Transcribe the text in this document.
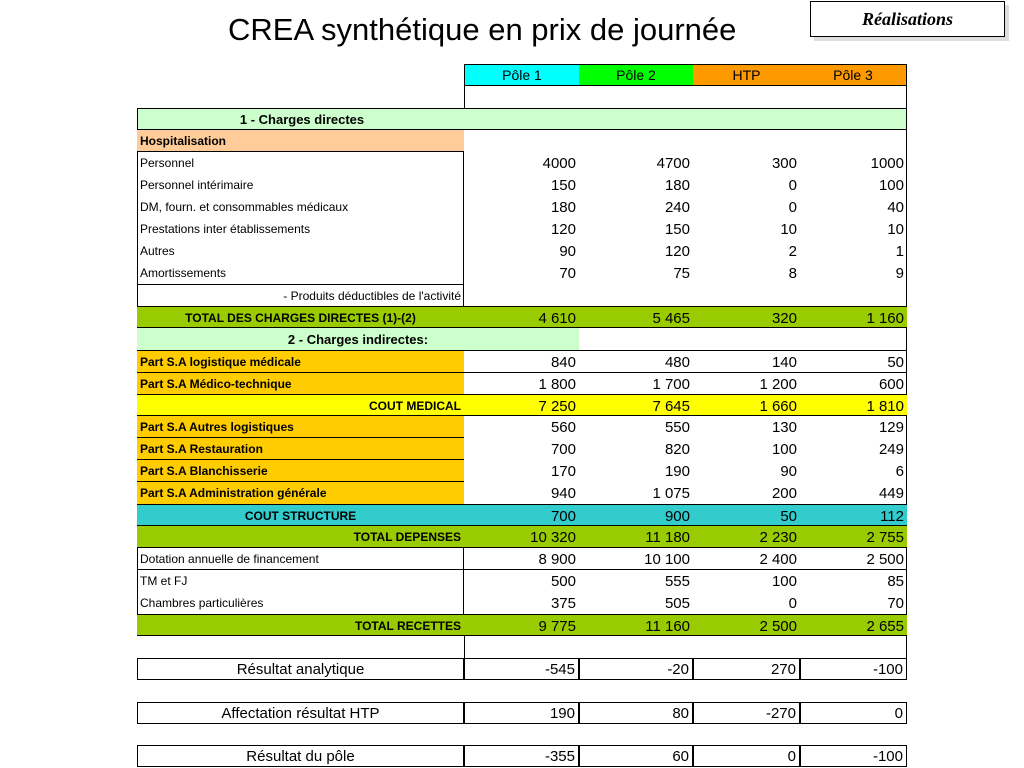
CREA synthétique en prix de journée	Réalisations
Pôle 1	Pôle 2	HTP	Pôle 3
1 - Charges directes
Hospitalisation
Personnel	4000	4700	300	1000
Personnel intérimaire	150	180	0	100
DM, fourn. et consommables médicaux	180	240	0	40
Prestations inter établissements	120	150	10	10
Autres	90	120	2	1
Amortissements	70	75	8	9
- Produits déductibles de l'activité
TOTAL DES CHARGES DIRECTES (1)-(2)	4 610	5 465	320	1 160
2 - Charges indirectes:
Part S.A logistique médicale	840	480	140	50
Part S.A Médico-technique	1 800	1 700	1 200	600
COUT MEDICAL	7 250	7 645	1 660	1 810
Part S.A Autres logistiques	560	550	130	129
Part S.A Restauration	700	820	100	249
Part S.A Blanchisserie	170	190	90	6
Part S.A Administration générale	940	1 075	200	449
COUT STRUCTURE	700	900	50	112
TOTAL DEPENSES	10 320	11 180	2 230	2 755
Dotation annuelle de financement	8 900	10 100	2 400	2 500
TM et FJ	500	555	100	85
Chambres particulières	375	505	0	70
TOTAL RECETTES	9 775	11 160	2 500	2 655
Résultat analytique	-545	-20	270	-100
Affectation résultat HTP	190	80	-270	0
Résultat du pôle	-355	60	0	-100
